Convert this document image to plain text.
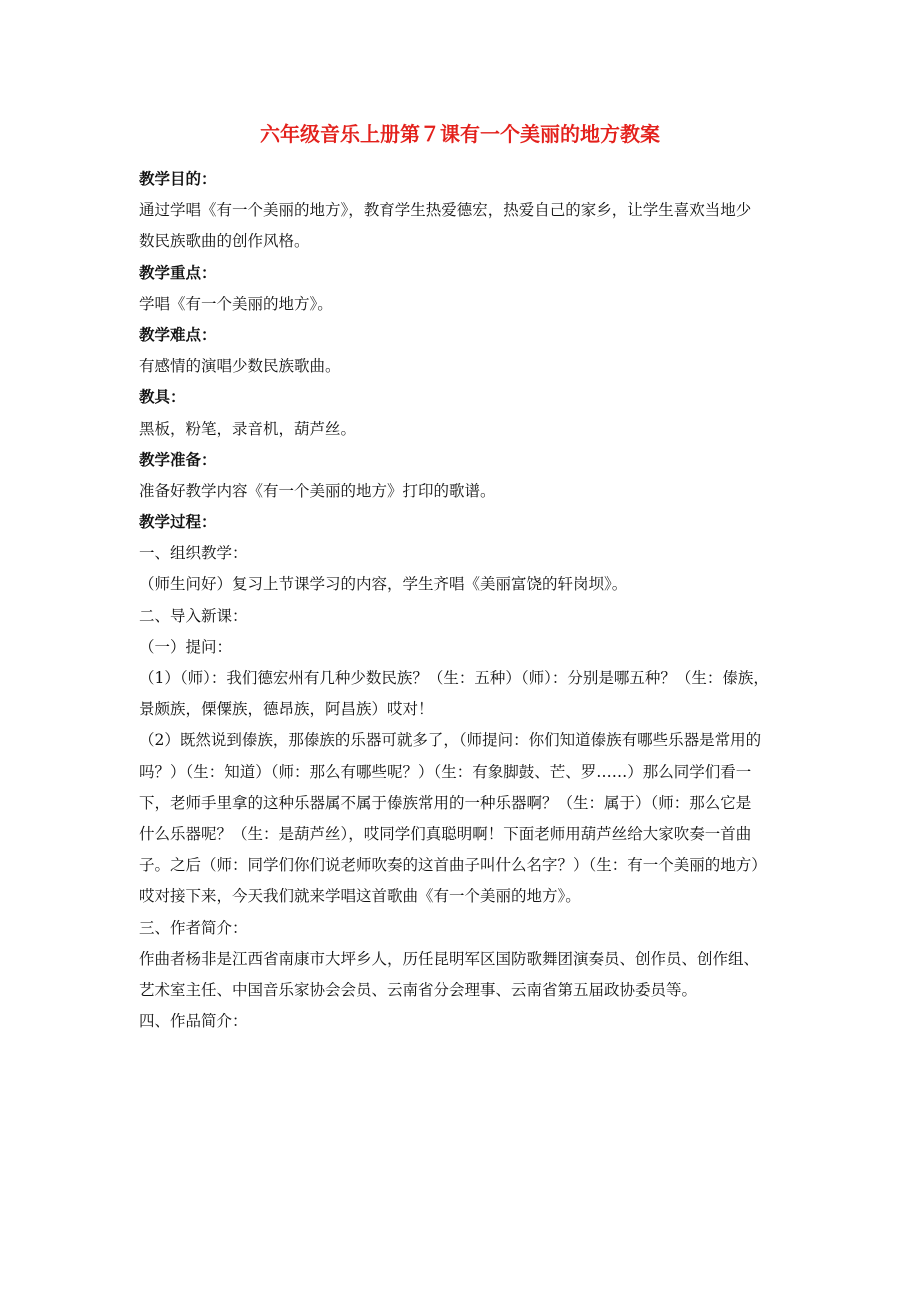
六年级音乐上册第７课有一个美丽的地方教案
教学目的：
通过学唱《有一个美丽的地方》，教育学生热爱德宏，热爱自己的家乡，让学生喜欢当地少
数民族歌曲的创作风格。
教学重点：
学唱《有一个美丽的地方》。
教学难点：
有感情的演唱少数民族歌曲。
教具：
黑板，粉笔，录音机，葫芦丝。
教学准备：
准备好教学内容《有一个美丽的地方》打印的歌谱。
教学过程：
一、组织教学：
（师生问好）复习上节课学习的内容，学生齐唱《美丽富饶的轩岗坝》。
二、导入新课：
（一）提问：
（1）（师）：我们德宏州有几种少数民族？（生：五种）（师）：分别是哪五种？（生：傣族，
景颇族，傈僳族，德昂族，阿昌族）哎对！
（2）既然说到傣族，那傣族的乐器可就多了，（师提问：你们知道傣族有哪些乐器是常用的
吗？）（生：知道）（师：那么有哪些呢？）（生：有象脚鼓、芒、罗……）那么同学们看一
下，老师手里拿的这种乐器属不属于傣族常用的一种乐器啊？（生：属于）（师：那么它是
什么乐器呢？（生：是葫芦丝），哎同学们真聪明啊！下面老师用葫芦丝给大家吹奏一首曲
子。之后（师：同学们你们说老师吹奏的这首曲子叫什么名字？）（生：有一个美丽的地方）
哎对接下来，今天我们就来学唱这首歌曲《有一个美丽的地方》。
三、作者简介：
作曲者杨非是江西省南康市大坪乡人，历任昆明军区国防歌舞团演奏员、创作员、创作组、
艺术室主任、中国音乐家协会会员、云南省分会理事、云南省第五届政协委员等。
四、作品简介：
